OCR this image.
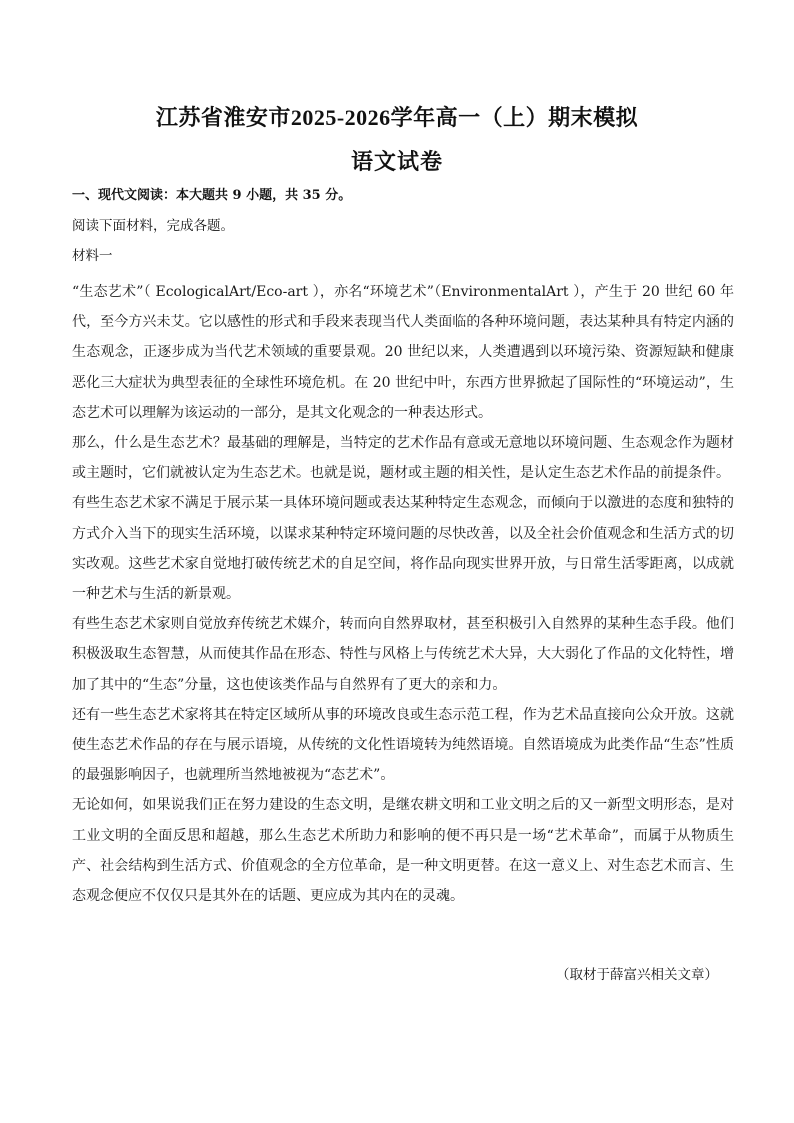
江苏省淮安市2025-2026学年高一（上）期末模拟
语文试卷

一、现代文阅读：本大题共 9 小题，共 35 分。

阅读下面材料，完成各题。

材料一

“生态艺术”（ EcologicalArt/Eco-art ），亦名“环境艺术”（EnvironmentalArt ），产生于 20 世纪 60 年代，至今方兴未艾。它以感性的形式和手段来表现当代人类面临的各种环境问题，表达某种具有特定内涵的生态观念，正逐步成为当代艺术领域的重要景观。20 世纪以来，人类遭遇到以环境污染、资源短缺和健康恶化三大症状为典型表征的全球性环境危机。在 20 世纪中叶，东西方世界掀起了国际性的“环境运动”，生态艺术可以理解为该运动的一部分，是其文化观念的一种表达形式。

那么，什么是生态艺术？最基础的理解是，当特定的艺术作品有意或无意地以环境问题、生态观念作为题材或主题时，它们就被认定为生态艺术。也就是说，题材或主题的相关性，是认定生态艺术作品的前提条件。

有些生态艺术家不满足于展示某一具体环境问题或表达某种特定生态观念，而倾向于以激进的态度和独特的方式介入当下的现实生活环境，以谋求某种特定环境问题的尽快改善，以及全社会价值观念和生活方式的切实改观。这些艺术家自觉地打破传统艺术的自足空间，将作品向现实世界开放，与日常生活零距离，以成就一种艺术与生活的新景观。

有些生态艺术家则自觉放弃传统艺术媒介，转而向自然界取材，甚至积极引入自然界的某种生态手段。他们积极汲取生态智慧，从而使其作品在形态、特性与风格上与传统艺术大异，大大弱化了作品的文化特性，增加了其中的“生态”分量，这也使该类作品与自然界有了更大的亲和力。

还有一些生态艺术家将其在特定区域所从事的环境改良或生态示范工程，作为艺术品直接向公众开放。这就使生态艺术作品的存在与展示语境，从传统的文化性语境转为纯然语境。自然语境成为此类作品“生态”性质的最强影响因子，也就理所当然地被视为“态艺术”。

无论如何，如果说我们正在努力建设的生态文明，是继农耕文明和工业文明之后的又一新型文明形态，是对工业文明的全面反思和超越，那么生态艺术所助力和影响的便不再只是一场“艺术革命”，而属于从物质生产、社会结构到生活方式、价值观念的全方位革命，是一种文明更替。在这一意义上、对生态艺术而言、生态观念便应不仅仅只是其外在的话题、更应成为其内在的灵魂。

（取材于薛富兴相关文章）
